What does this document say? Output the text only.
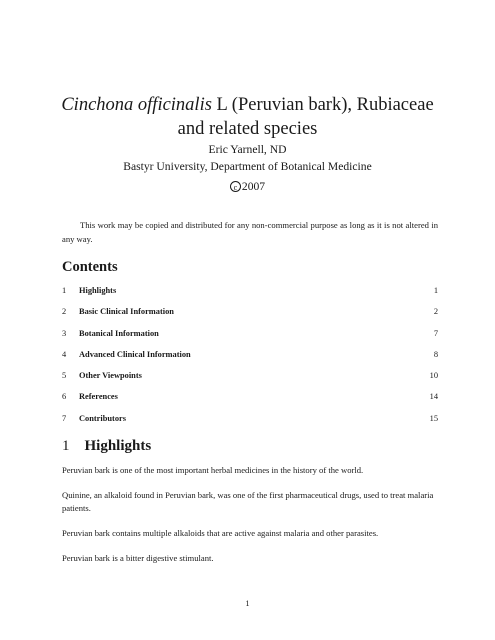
Cinchona officinalis L (Peruvian bark), Rubiaceae
and related species
Eric Yarnell, ND
Bastyr University, Department of Botanical Medicine
c 2007

This work may be copied and distributed for any non-commercial purpose as long as it is not altered in any way.

Contents
1	Highlights	1
2	Basic Clinical Information	2
3	Botanical Information	7
4	Advanced Clinical Information	8
5	Other Viewpoints	10
6	References	14
7	Contributors	15
1 Highlights

Peruvian bark is one of the most important herbal medicines in the history of the world.

Quinine, an alkaloid found in Peruvian bark, was one of the first pharmaceutical drugs, used to treat malaria patients.

Peruvian bark contains multiple alkaloids that are active against malaria and other parasites.

Peruvian bark is a bitter digestive stimulant.

1
